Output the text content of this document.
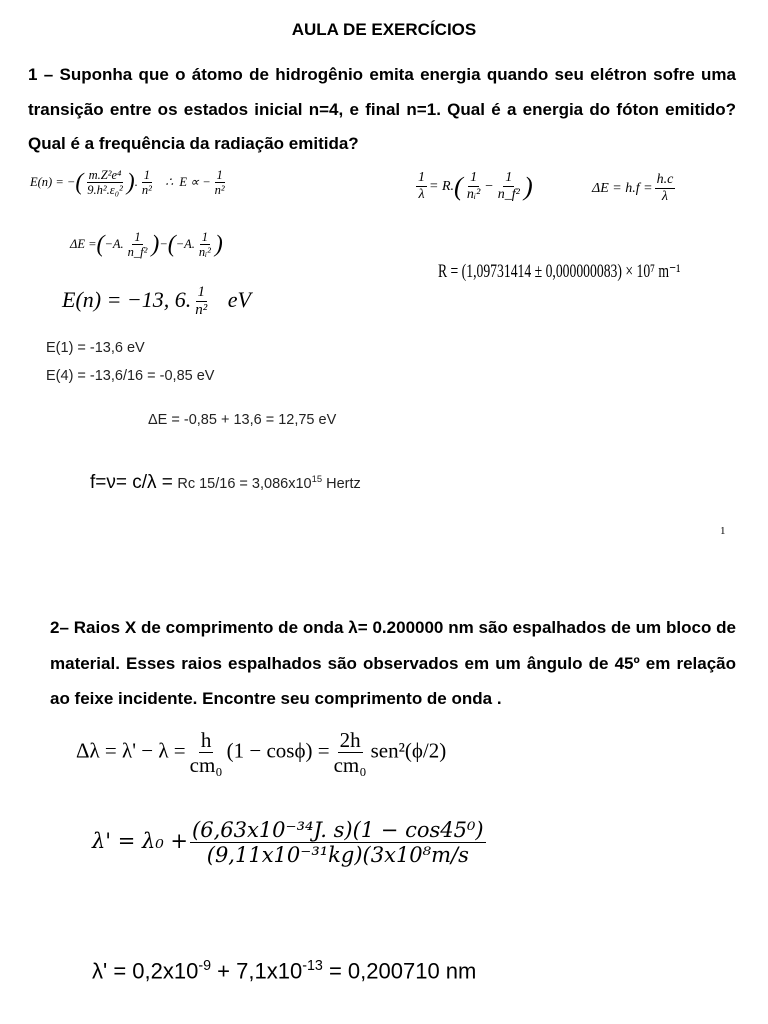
AULA DE EXERCÍCIOS
1 – Suponha que o átomo de hidrogênio emita energia quando seu elétron sofre uma transição entre os estados inicial n=4, e final n=1. Qual é a energia do fóton emitido? Qual é a frequência da radiação emitida?
E(n) = −( $\frac{\text{m.Z²e⁴}}{\text{9.h².ε₀²}}$ ). $\frac{1}{\text{n²}}$ ∴ E ∝ − $\frac{1}{\text{n²}}$	$\frac{1}{\lambda} = R.( \frac{1}{\text{nᵢ²}} - \frac{1}{\text{n\_f²}}$ )	$\Delta E = h.f = \frac{h.c}{\lambda}$
ΔE =(−A. $\frac{1}{\text{n\_f²}} )-(-A$. $\frac{1}{\text{nᵢ²}}$ )
R = (1,09731414 ± 0,000000083) × 10⁷ m⁻¹
E(n) = −13, 6. $\frac{1}{\text{n²}}$ eV
E(1) = -13,6 eV
E(4) = -13,6/16 = -0,85 eV
ΔE = -0,85 + 13,6 = 12,75 eV
f=ν= c/λ = Rc $15/16 = 3,086x10^{15}$ Hertz
1
2– Raios X de comprimento de onda λ= 0.200000 nm são espalhados de um bloco de material. Esses raios espalhados são observados em um ângulo de 45º em relação ao feixe incidente. Encontre seu comprimento de onda .
$\Delta\lambda = \lambda' - \lambda = \frac{h}{\text{cm₀}} (1 - \cos\phi) = \frac{2h}{\text{cm₀}} sen^2(\phi/2)$
$\lambda' = \lambda_0 + \frac{\text{(6,63x10⁻³⁴J. s)(1 − cos45⁰)}}{\text{(9,11x10⁻³¹kg)(3x10⁸m/s}}$
$\lambda' = 0,2x10^{-9} + 7,1x10^{-13} = 0,200710$ nm
